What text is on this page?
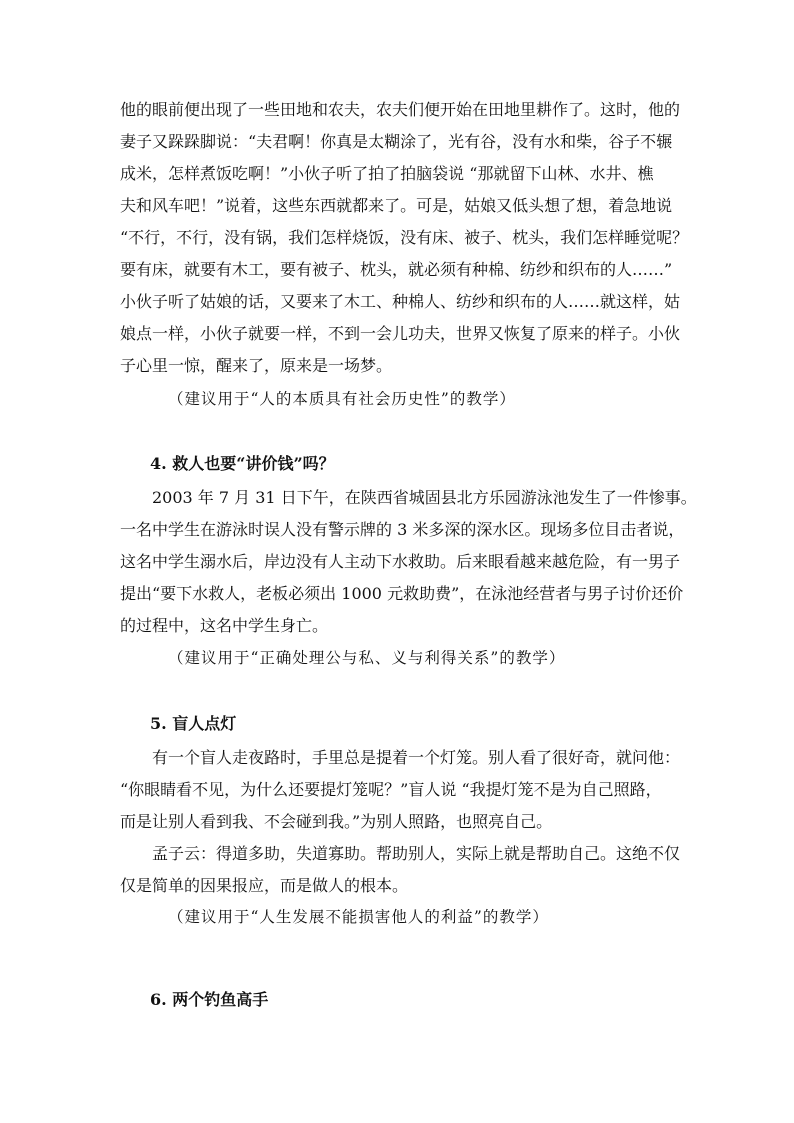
他的眼前便出现了一些田地和农夫，农夫们便开始在田地里耕作了。这时，他的
妻子又跺跺脚说：“夫君啊！你真是太糊涂了，光有谷，没有水和柴，谷子不辗
成米，怎样煮饭吃啊！”小伙子听了拍了拍脑袋说 “那就留下山林、水井、樵
夫和风车吧！”说着，这些东西就都来了。可是，姑娘又低头想了想，着急地说
“不行，不行，没有锅，我们怎样烧饭，没有床、被子、枕头，我们怎样睡觉呢？
要有床，就要有木工，要有被子、枕头，就必须有种棉、纺纱和织布的人……”
小伙子听了姑娘的话，又要来了木工、种棉人、纺纱和织布的人……就这样，姑
娘点一样，小伙子就要一样，不到一会儿功夫，世界又恢复了原来的样子。小伙
子心里一惊，醒来了，原来是一场梦。
（建议用于“人的本质具有社会历史性”的教学）
4. 救人也要“讲价钱”吗？
2003 年 7 月 31 日下午，在陕西省城固县北方乐园游泳池发生了一件惨事。
一名中学生在游泳时误人没有警示牌的 3 米多深的深水区。现场多位目击者说，
这名中学生溺水后，岸边没有人主动下水救助。后来眼看越来越危险，有一男子
提出“要下水救人，老板必须出 1000 元救助费”，在泳池经营者与男子讨价还价
的过程中，这名中学生身亡。
（建议用于“正确处理公与私、义与利得关系”的教学）
5. 盲人点灯
有一个盲人走夜路时，手里总是提着一个灯笼。别人看了很好奇，就问他：
“你眼睛看不见，为什么还要提灯笼呢？”盲人说 “我提灯笼不是为自己照路，
而是让别人看到我、不会碰到我。”为别人照路，也照亮自己。
孟子云：得道多助，失道寡助。帮助别人，实际上就是帮助自己。这绝不仅
仅是简单的因果报应，而是做人的根本。
（建议用于“人生发展不能损害他人的利益”的教学）
6. 两个钓鱼高手
